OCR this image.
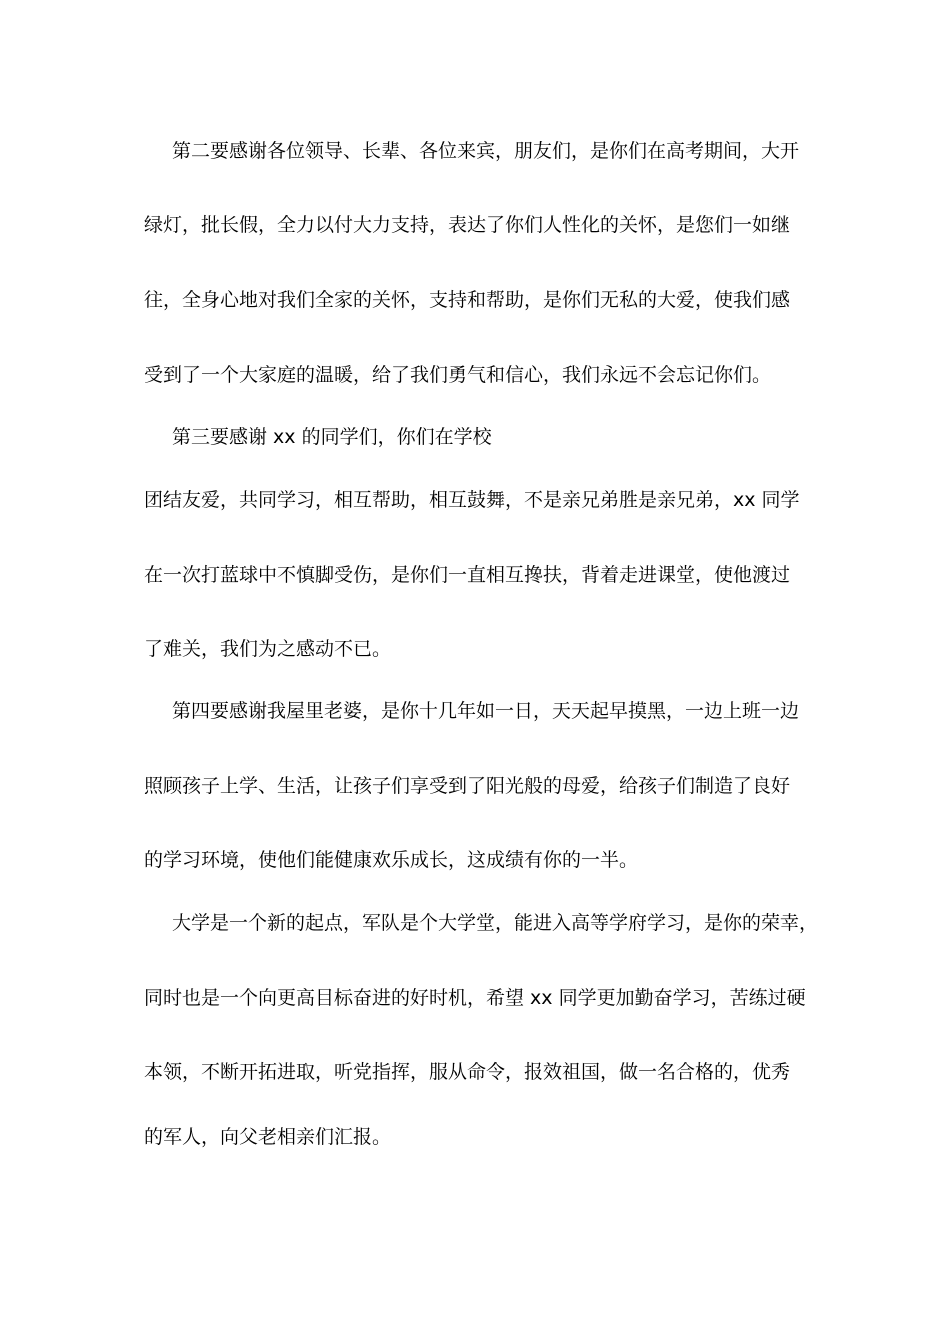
第二要感谢各位领导、长辈、各位来宾，朋友们，是你们在高考期间，大开
绿灯，批长假，全力以付大力支持，表达了你们人性化的关怀，是您们一如继
往，全身心地对我们全家的关怀，支持和帮助，是你们无私的大爱，使我们感
受到了一个大家庭的温暖，给了我们勇气和信心，我们永远不会忘记你们。
第三要感谢 xx 的同学们，你们在学校
团结友爱，共同学习，相互帮助，相互鼓舞，不是亲兄弟胜是亲兄弟，xx 同学
在一次打蓝球中不慎脚受伤，是你们一直相互搀扶，背着走进课堂，使他渡过
了难关，我们为之感动不已。
第四要感谢我屋里老婆，是你十几年如一日，天天起早摸黑，一边上班一边
照顾孩子上学、生活，让孩子们享受到了阳光般的母爱，给孩子们制造了良好
的学习环境，使他们能健康欢乐成长，这成绩有你的一半。
大学是一个新的起点，军队是个大学堂，能进入高等学府学习，是你的荣幸，
同时也是一个向更高目标奋进的好时机，希望 xx 同学更加勤奋学习，苦练过硬
本领，不断开拓进取，听党指挥，服从命令，报效祖国，做一名合格的，优秀
的军人，向父老相亲们汇报。
